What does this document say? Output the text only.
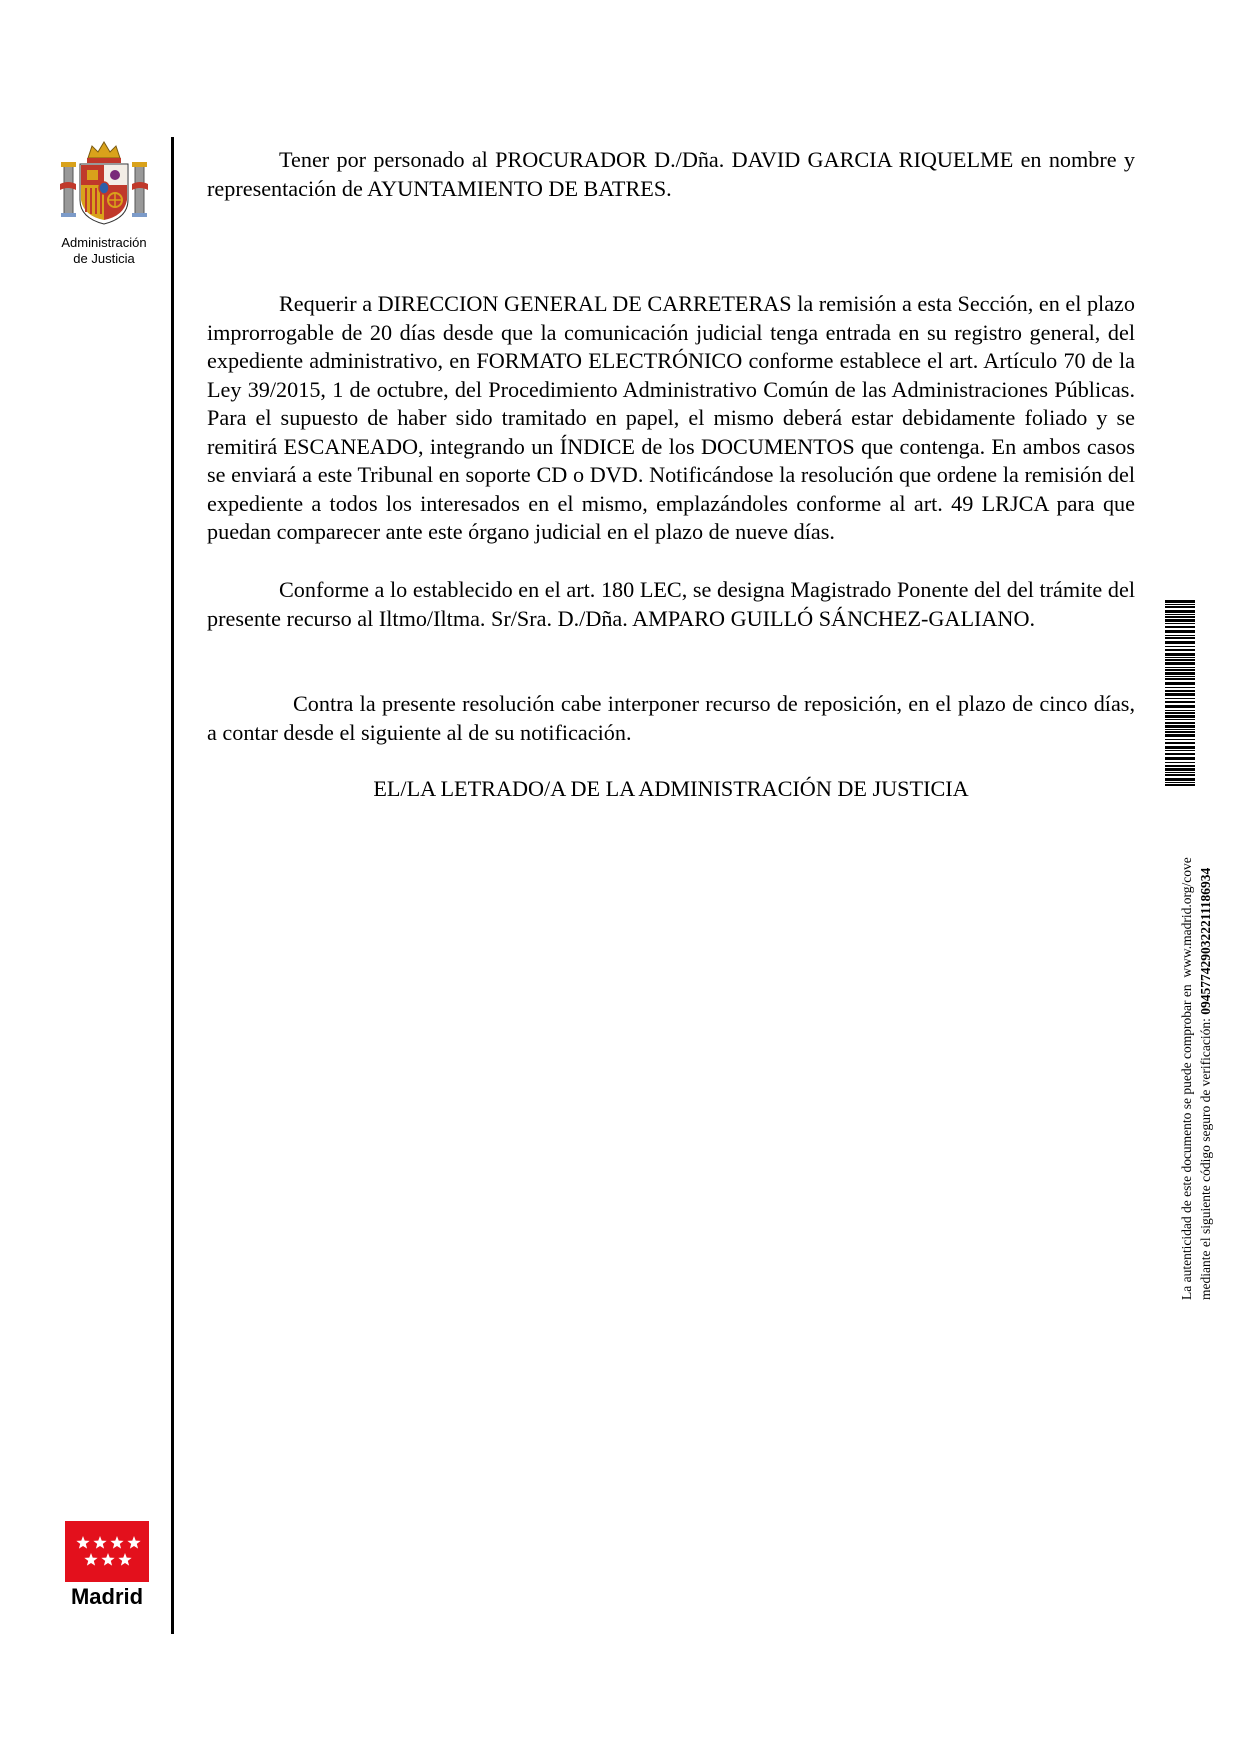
Administración
de Justicia
Tener por personado al PROCURADOR D./Dña. DAVID GARCIA RIQUELME en nombre y representación de AYUNTAMIENTO DE BATRES.
Requerir a DIRECCION GENERAL DE CARRETERAS la remisión a esta Sección, en el plazo improrrogable de 20 días desde que la comunicación judicial tenga entrada en su registro general, del expediente administrativo, en FORMATO ELECTRÓNICO conforme establece el art. Artículo 70 de la Ley 39/2015, 1 de octubre, del Procedimiento Administrativo Común de las Administraciones Públicas. Para el supuesto de haber sido tramitado en papel, el mismo deberá estar debidamente foliado y se remitirá ESCANEADO, integrando un ÍNDICE de los DOCUMENTOS que contenga. En ambos casos se enviará a este Tribunal en soporte CD o DVD. Notificándose la resolución que ordene la remisión del expediente a todos los interesados en el mismo, emplazándoles conforme al art. 49 LRJCA para que puedan comparecer ante este órgano judicial en el plazo de nueve días.
Conforme a lo establecido en el art. 180 LEC, se designa Magistrado Ponente del del trámite del presente recurso al Iltmo/Iltma. Sr/Sra. D./Dña. AMPARO GUILLÓ SÁNCHEZ-GALIANO.
Contra la presente resolución cabe interponer recurso de reposición, en el plazo de cinco días, a contar desde el siguiente al de su notificación.
EL/LA LETRADO/A DE LA ADMINISTRACIÓN DE JUSTICIA
La autenticidad de este documento se puede comprobar en  www.madrid.org/cove
mediante el siguiente código seguro de verificación: 0945774290322211186934
Madrid
